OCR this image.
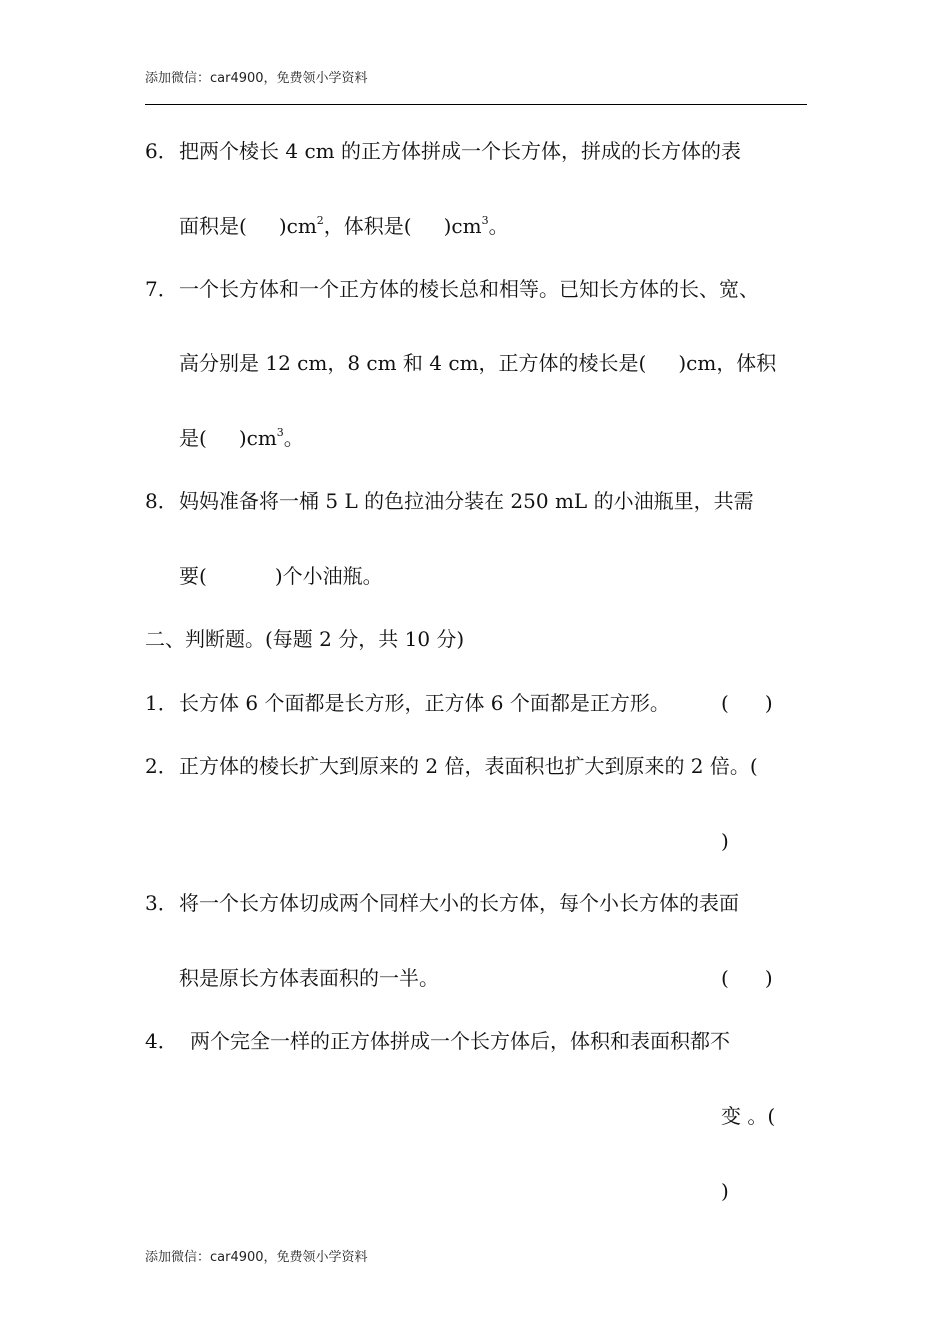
添加微信：car4900，免费领小学资料
6． 把两个棱长 4 cm 的正方体拼成一个长方体，拼成的长方体的表
面积是( )$cm^2$，体积是( )$cm^3$。
7． 一个长方体和一个正方体的棱长总和相等。已知长方体的长、宽、
高分别是 12 cm，8 cm 和 4 cm，正方体的棱长是( )cm，体积
是( )$cm^3$。
8． 妈妈准备将一桶 5 L 的色拉油分装在 250 mL 的小油瓶里，共需
要(	)个小油瓶。
二、判断题。(每题 2 分，共 10 分)
1． 长方体 6 个面都是长方形，正方体 6 个面都是正方形。	( )
2． 正方体的棱长扩大到原来的 2 倍，表面积也扩大到原来的 2 倍。(
)
3． 将一个长方体切成两个同样大小的长方体，每个小长方体的表面
积是原长方体表面积的一半。	( )
4． 两个完全一样的正方体拼成一个长方体后，体积和表面积都不
变 。(
)
添加微信：car4900，免费领小学资料
